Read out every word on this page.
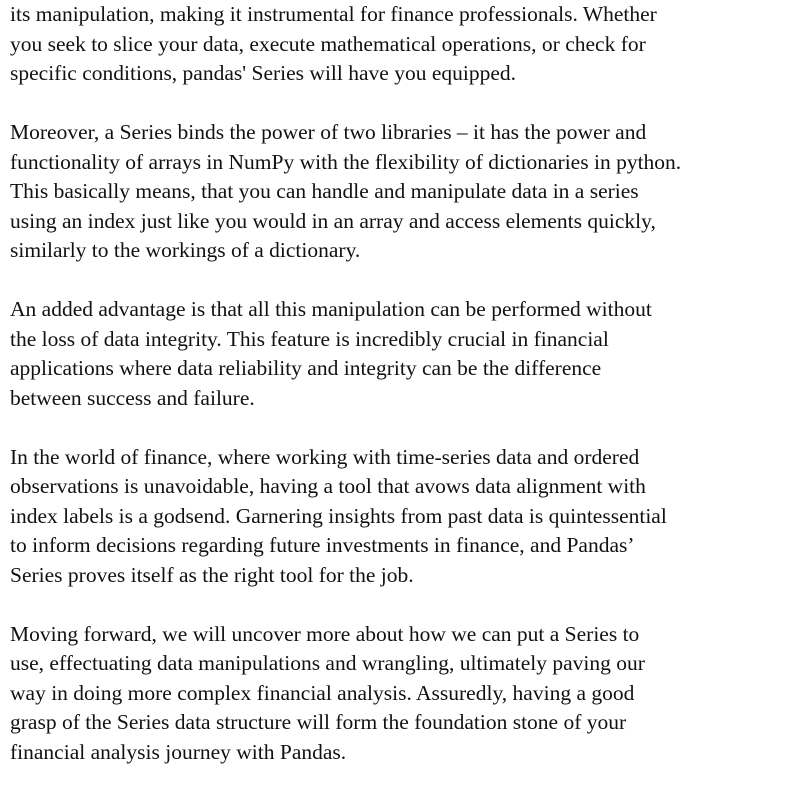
its manipulation, making it instrumental for finance professionals. Whether
you seek to slice your data, execute mathematical operations, or check for
specific conditions, pandas' Series will have you equipped.

Moreover, a Series binds the power of two libraries – it has the power and
functionality of arrays in NumPy with the flexibility of dictionaries in python.
This basically means, that you can handle and manipulate data in a series
using an index just like you would in an array and access elements quickly,
similarly to the workings of a dictionary.

An added advantage is that all this manipulation can be performed without
the loss of data integrity. This feature is incredibly crucial in financial
applications where data reliability and integrity can be the difference
between success and failure.

In the world of finance, where working with time-series data and ordered
observations is unavoidable, having a tool that avows data alignment with
index labels is a godsend. Garnering insights from past data is quintessential
to inform decisions regarding future investments in finance, and Pandas’
Series proves itself as the right tool for the job.

Moving forward, we will uncover more about how we can put a Series to
use, effectuating data manipulations and wrangling, ultimately paving our
way in doing more complex financial analysis. Assuredly, having a good
grasp of the Series data structure will form the foundation stone of your
financial analysis journey with Pandas.
